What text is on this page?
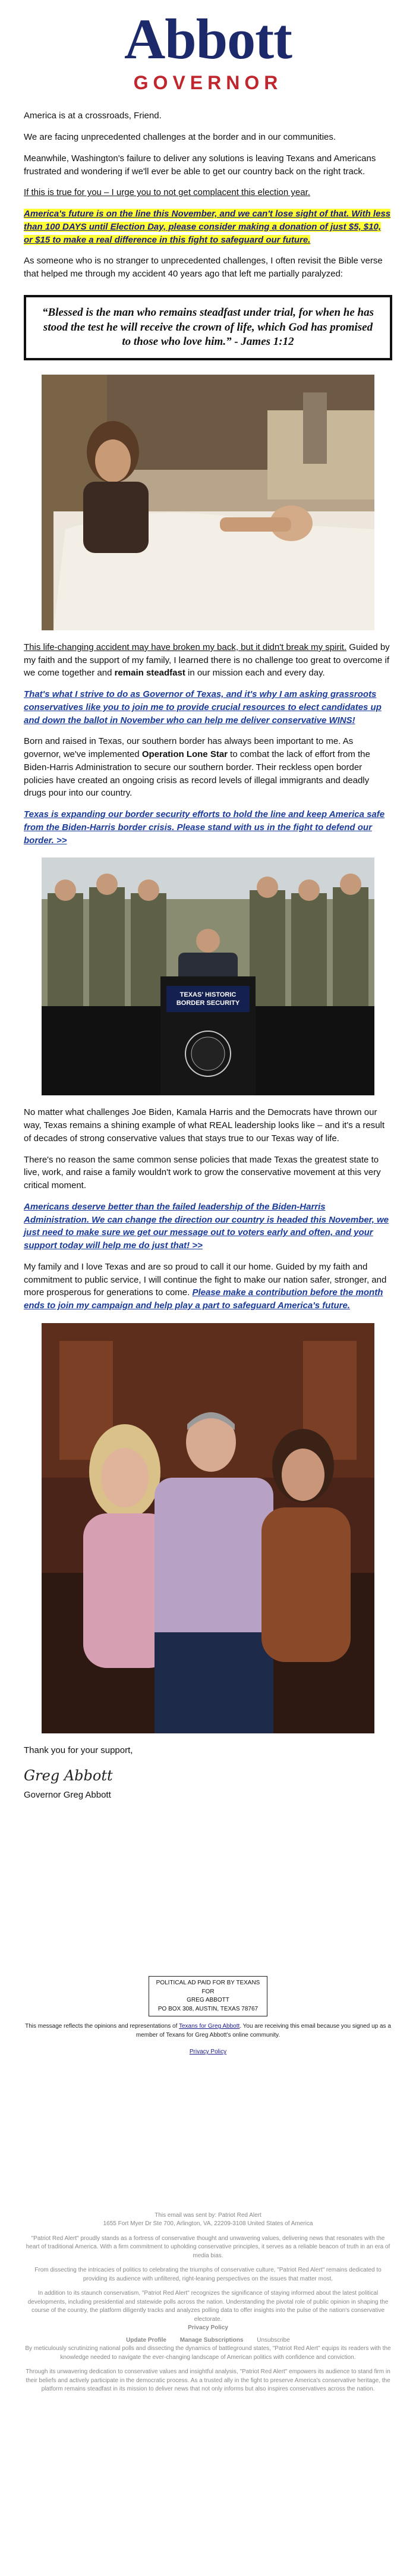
Abbott
GOVERNOR

America is at a crossroads, Friend.

We are facing unprecedented challenges at the border and in our communities.

Meanwhile, Washington's failure to deliver any solutions is leaving Texans and Americans frustrated and wondering if we'll ever be able to get our country back on the right track.

If this is true for you – I urge you to not get complacent this election year.

America's future is on the line this November, and we can't lose sight of that. With less than 100 DAYS until Election Day, please consider making a donation of just $5, $10, or $15 to make a real difference in this fight to safeguard our future.

As someone who is no stranger to unprecedented challenges, I often revisit the Bible verse that helped me through my accident 40 years ago that left me partially paralyzed:

“Blessed is the man who remains steadfast under trial, for when he has stood the test he will receive the crown of life, which God has promised to those who love him.” - James 1:12

This life-changing accident may have broken my back, but it didn't break my spirit. Guided by my faith and the support of my family, I learned there is no challenge too great to overcome if we come together and remain steadfast in our mission each and every day.

That's what I strive to do as Governor of Texas, and it's why I am asking grassroots conservatives like you to join me to provide crucial resources to elect candidates up and down the ballot in November who can help me deliver conservative WINS!

Born and raised in Texas, our southern border has always been important to me. As governor, we've implemented Operation Lone Star to combat the lack of effort from the Biden-Harris Administration to secure our southern border. Their reckless open border policies have created an ongoing crisis as record levels of illegal immigrants and deadly drugs pour into our country.

Texas is expanding our border security efforts to hold the line and keep America safe from the Biden-Harris border crisis. Please stand with us in the fight to defend our border. >>

TEXAS' HISTORIC BORDER SECURITY

No matter what challenges Joe Biden, Kamala Harris and the Democrats have thrown our way, Texas remains a shining example of what REAL leadership looks like – and it's a result of decades of strong conservative values that stays true to our Texas way of life.

There's no reason the same common sense policies that made Texas the greatest state to live, work, and raise a family wouldn't work to grow the conservative movement at this very critical moment.

Americans deserve better than the failed leadership of the Biden-Harris Administration. We can change the direction our country is headed this November, we just need to make sure we get our message out to voters early and often, and your support today will help me do just that! >>

My family and I love Texas and are so proud to call it our home. Guided by my faith and commitment to public service, I will continue the fight to make our nation safer, stronger, and more prosperous for generations to come. Please make a contribution before the month ends to join my campaign and help play a part to safeguard America's future.

Thank you for your support,

Greg Abbott

Governor Greg Abbott

POLITICAL AD PAID FOR BY TEXANS FOR
GREG ABBOTT
PO BOX 308, AUSTIN, TEXAS 78767

This message reflects the opinions and representations of Texans for Greg Abbott. You are receiving this email because you signed up as a member of Texans for Greg Abbott's online community.

Privacy Policy

This email was sent by: Patriot Red Alert

1655 Fort Myer Dr Ste 700, Arlington, VA, 22209-3108 United States of America

"Patriot Red Alert" proudly stands as a fortress of conservative thought and unwavering values, delivering news that resonates with the heart of traditional America. With a firm commitment to upholding conservative principles, it serves as a reliable beacon of truth in an era of media bias.

From dissecting the intricacies of politics to celebrating the triumphs of conservative culture, "Patriot Red Alert" remains dedicated to providing its audience with unfiltered, right-leaning perspectives on the issues that matter most.

In addition to its staunch conservatism, "Patriot Red Alert" recognizes the significance of staying informed about the latest political developments, including presidential and statewide polls across the nation. Understanding the pivotal role of public opinion in shaping the course of the country, the platform diligently tracks and analyzes polling data to offer insights into the pulse of the nation's conservative electorate.

Privacy Policy

Update Profile Manage Subscriptions Unsubscribe

By meticulously scrutinizing national polls and dissecting the dynamics of battleground states, "Patriot Red Alert" equips its readers with the knowledge needed to navigate the ever-changing landscape of American politics with confidence and conviction.

Through its unwavering dedication to conservative values and insightful analysis, "Patriot Red Alert" empowers its audience to stand firm in their beliefs and actively participate in the democratic process. As a trusted ally in the fight to preserve America's conservative heritage, the platform remains steadfast in its mission to deliver news that not only informs but also inspires conservatives across the nation.
